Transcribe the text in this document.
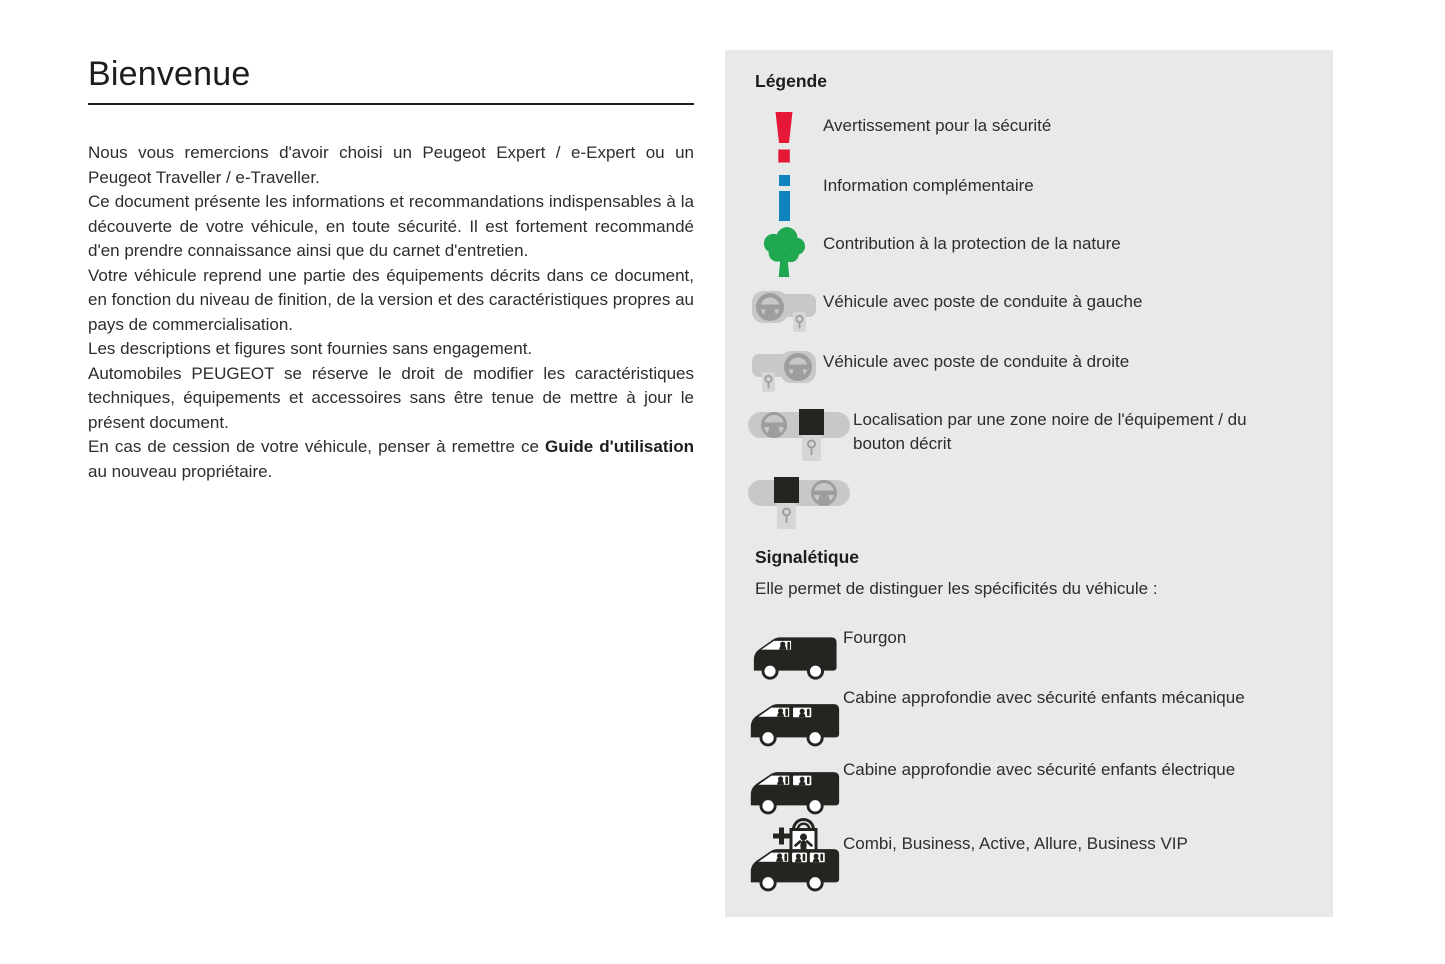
Bienvenue

Nous vous remercions d'avoir choisi un Peugeot Expert / e-Expert ou un Peugeot Traveller / e-Traveller.

Ce document présente les informations et recommandations indispensables à la découverte de votre véhicule, en toute sécurité. Il est fortement recommandé d'en prendre connaissance ainsi que du carnet d'entretien.

Votre véhicule reprend une partie des équipements décrits dans ce document, en fonction du niveau de finition, de la version et des caractéristiques propres au pays de commercialisation.

Les descriptions et figures sont fournies sans engagement.

Automobiles PEUGEOT se réserve le droit de modifier les caractéristiques techniques, équipements et accessoires sans être tenue de mettre à jour le présent document.

En cas de cession de votre véhicule, penser à remettre ce Guide d'utilisation au nouveau propriétaire.

Légende
Avertissement pour la sécurité
Information complémentaire
Contribution à la protection de la nature
Véhicule avec poste de conduite à gauche
Véhicule avec poste de conduite à droite
Localisation par une zone noire de l'équipement / du bouton décrit
Signalétique

Elle permet de distinguer les spécificités du véhicule :

Fourgon
Cabine approfondie avec sécurité enfants mécanique
Cabine approfondie avec sécurité enfants électrique
Combi, Business, Active, Allure, Business VIP
